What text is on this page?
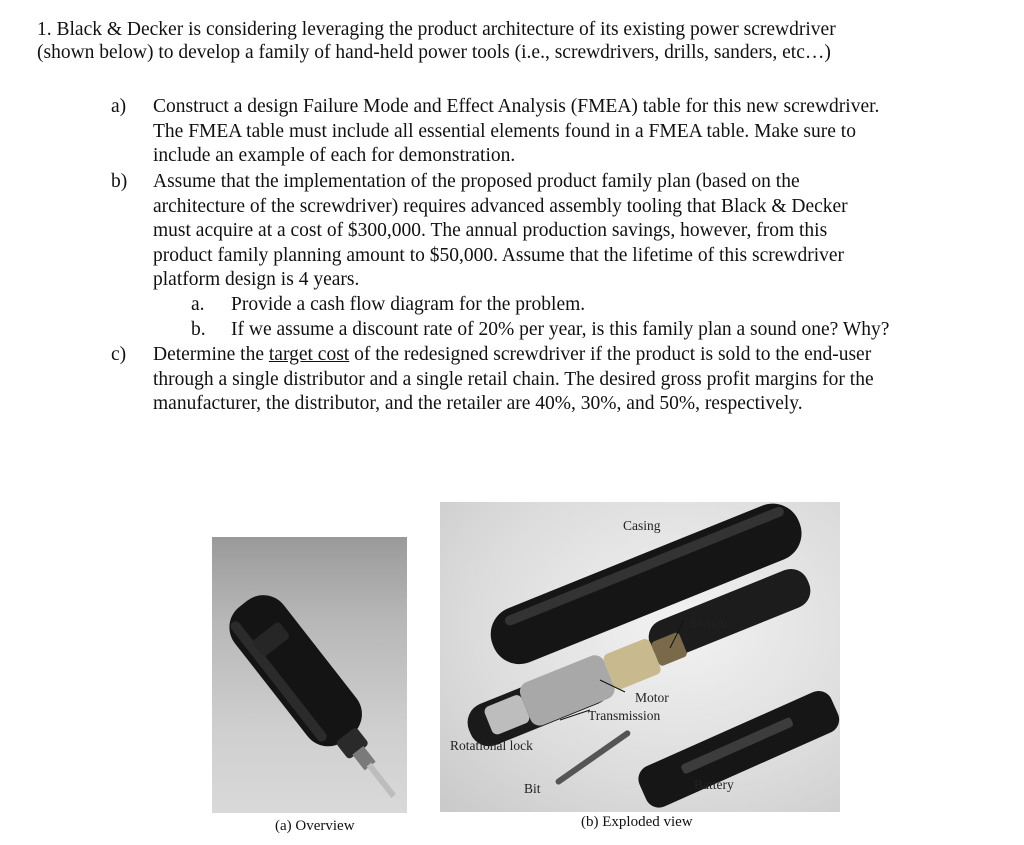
1. Black & Decker is considering leveraging the product architecture of its existing power screwdriver

(shown below) to develop a family of hand-held power tools (i.e., screwdrivers, drills, sanders, etc…)

a) Construct a design Failure Mode and Effect Analysis (FMEA) table for this new screwdriver.

The FMEA table must include all essential elements found in a FMEA table. Make sure to

include an example of each for demonstration.

b) Assume that the implementation of the proposed product family plan (based on the

architecture of the screwdriver) requires advanced assembly tooling that Black & Decker

must acquire at a cost of $300,000. The annual production savings, however, from this

product family planning amount to $50,000. Assume that the lifetime of this screwdriver

platform design is 4 years.

a. Provide a cash flow diagram for the problem.
b. If we assume a discount rate of 20% per year, is this family plan a sound one? Why?
c) Determine the target cost of the redesigned screwdriver if the product is sold to the end-user

through a single distributor and a single retail chain. The desired gross profit margins for the

manufacturer, the distributor, and the retailer are 40%, 30%, and 50%, respectively.

Casing
Switch
Motor
Transmission
Rotational lock
Bit	Battery
(a) Overview	(b) Exploded view
